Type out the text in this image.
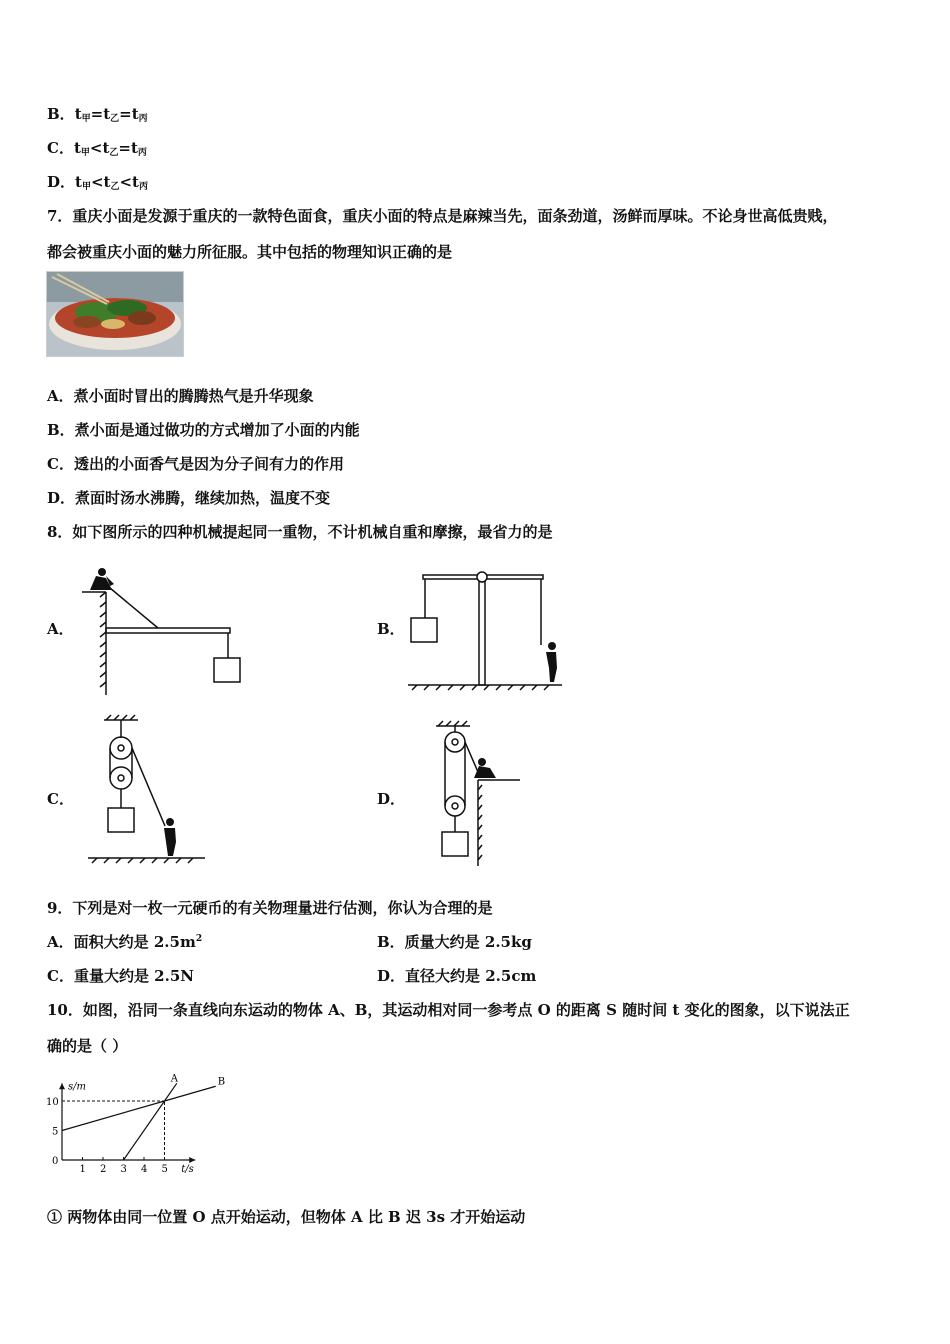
B．$t_甲=t_乙=t_丙$
C．$t_甲<t_乙=t_丙$
D．$t_甲<t_乙<t_丙$
7．重庆小面是发源于重庆的一款特色面食，重庆小面的特点是麻辣当先，面条劲道，汤鲜而厚味。不论身世高低贵贱，
都会被重庆小面的魅力所征服。其中包括的物理知识正确的是
A．煮小面时冒出的腾腾热气是升华现象
B．煮小面是通过做功的方式增加了小面的内能
C．透出的小面香气是因为分子间有力的作用
D．煮面时汤水沸腾，继续加热，温度不变
8．如下图所示的四种机械提起同一重物，不计机械自重和摩擦，最省力的是
A．	B．
C．	D．
9．下列是对一枚一元硬币的有关物理量进行估测，你认为合理的是
A．面积大约是 $2.5m^2$	B．质量大约是 2.5kg
C．重量大约是 2.5N	D．直径大约是 2.5cm
10．如图，沿同一条直线向东运动的物体 A、B，其运动相对同一参考点 O 的距离 S 随时间 t 变化的图象，以下说法正
确的是（ ）
s/m
t/s
1 2 3 4 5
0
5
10
A	B
① 两物体由同一位置 O 点开始运动，但物体 A 比 B 迟 3s 才开始运动
